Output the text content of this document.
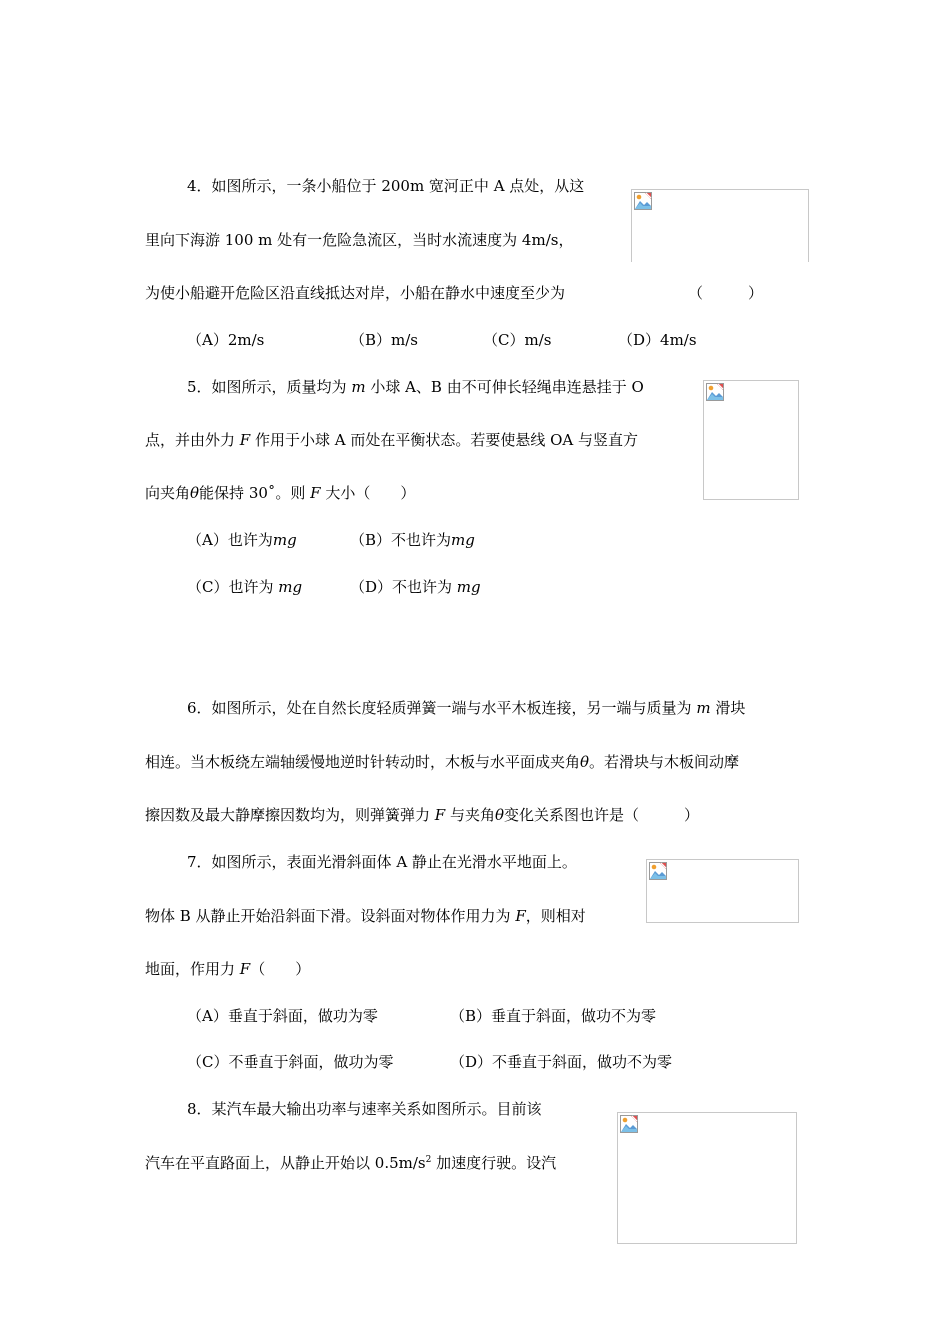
4．如图所示，一条小船位于 200m 宽河正中 A 点处，从这
里向下海游 100 m 处有一危险急流区，当时水流速度为 4m/s，
为使小船避开危险区沿直线抵达对岸，小船在静水中速度至少为	（　　　）
（A）2m/s	（B）m/s	（C）m/s	（D）4m/s
5．如图所示，质量均为 m 小球 A、B 由不可伸长轻绳串连悬挂于 O
点，并由外力 F 作用于小球 A 而处在平衡状态。若要使悬线 OA 与竖直方
向夹角θ能保持 30˚。则 F 大小（　　）
（A）也许为mg	（B）不也许为mg
（C）也许为 mg	（D）不也许为 mg
6．如图所示，处在自然长度轻质弹簧一端与水平木板连接，另一端与质量为 m 滑块
相连。当木板绕左端轴缓慢地逆时针转动时，木板与水平面成夹角θ。若滑块与木板间动摩
擦因数及最大静摩擦因数均为，则弹簧弹力 F 与夹角θ变化关系图也许是（　　　）
7．如图所示，表面光滑斜面体 A 静止在光滑水平地面上。
物体 B 从静止开始沿斜面下滑。设斜面对物体作用力为 F，则相对
地面，作用力 F（　　）
（A）垂直于斜面，做功为零	（B）垂直于斜面，做功不为零
（C）不垂直于斜面，做功为零	（D）不垂直于斜面，做功不为零
8．某汽车最大输出功率与速率关系如图所示。目前该
汽车在平直路面上，从静止开始以 $0.5m/s^2$ 加速度行驶。设汽
